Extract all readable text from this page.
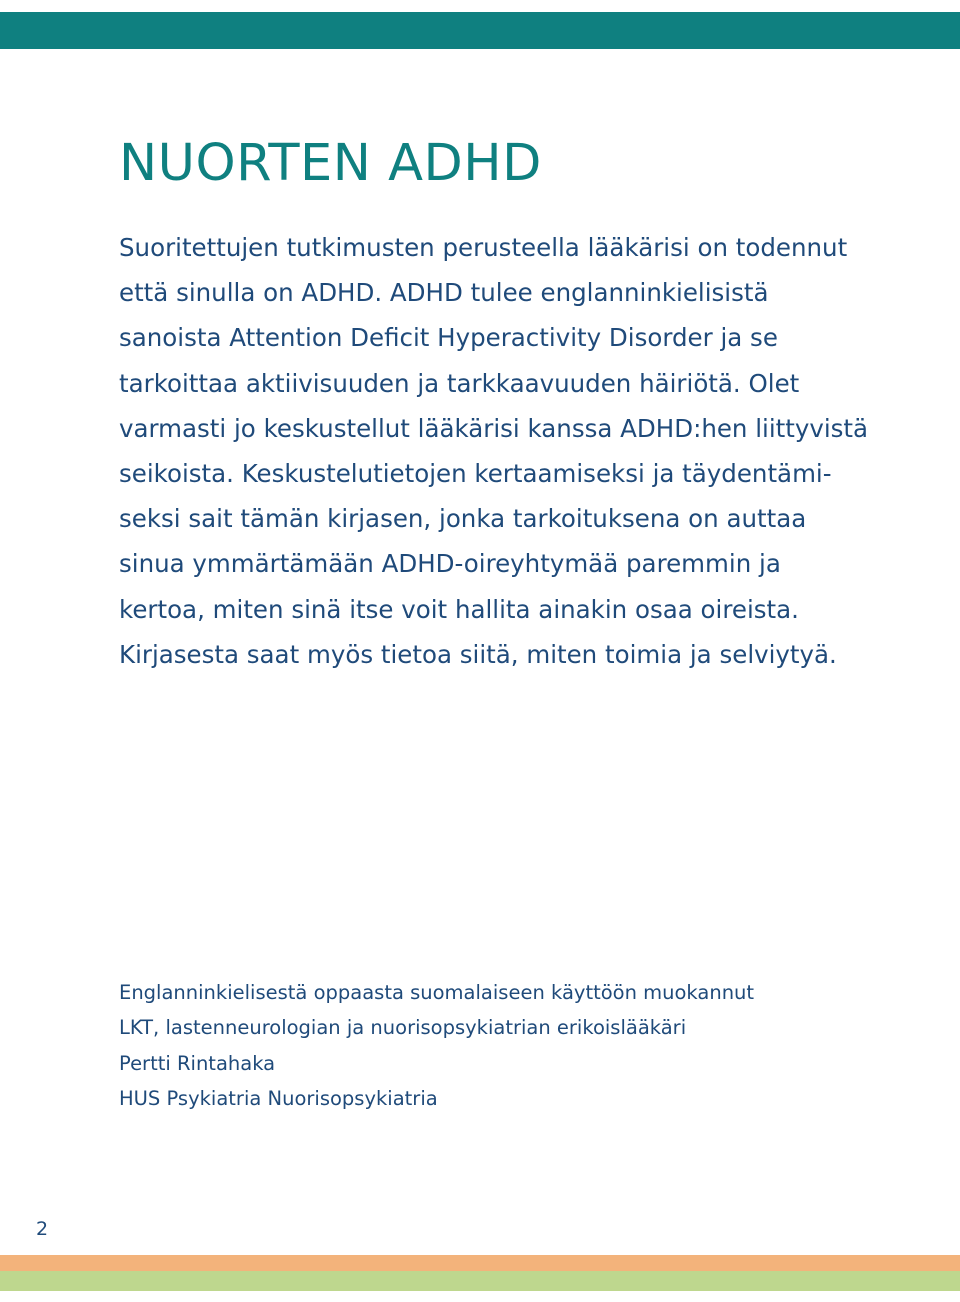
NUORTEN ADHD

Suoritettujen tutkimusten perusteella lääkärisi on todennut
että sinulla on ADHD. ADHD tulee englanninkielisistä
sanoista Attention Deficit Hyperactivity Disorder ja se
tarkoittaa aktiivisuuden ja tarkkaavuuden häiriötä. Olet
varmasti jo keskustellut lääkärisi kanssa ADHD:hen liittyvistä
seikoista. Keskustelutietojen kertaamiseksi ja täydentämi-
seksi sait tämän kirjasen, jonka tarkoituksena on auttaa
sinua ymmärtämään ADHD-oireyhtymää paremmin ja
kertoa, miten sinä itse voit hallita ainakin osaa oireista.
Kirjasesta saat myös tietoa siitä, miten toimia ja selviytyä.

Englanninkielisestä oppaasta suomalaiseen käyttöön muokannut
LKT, lastenneurologian ja nuorisopsykiatrian erikoislääkäri
Pertti Rintahaka
HUS Psykiatria Nuorisopsykiatria

2
